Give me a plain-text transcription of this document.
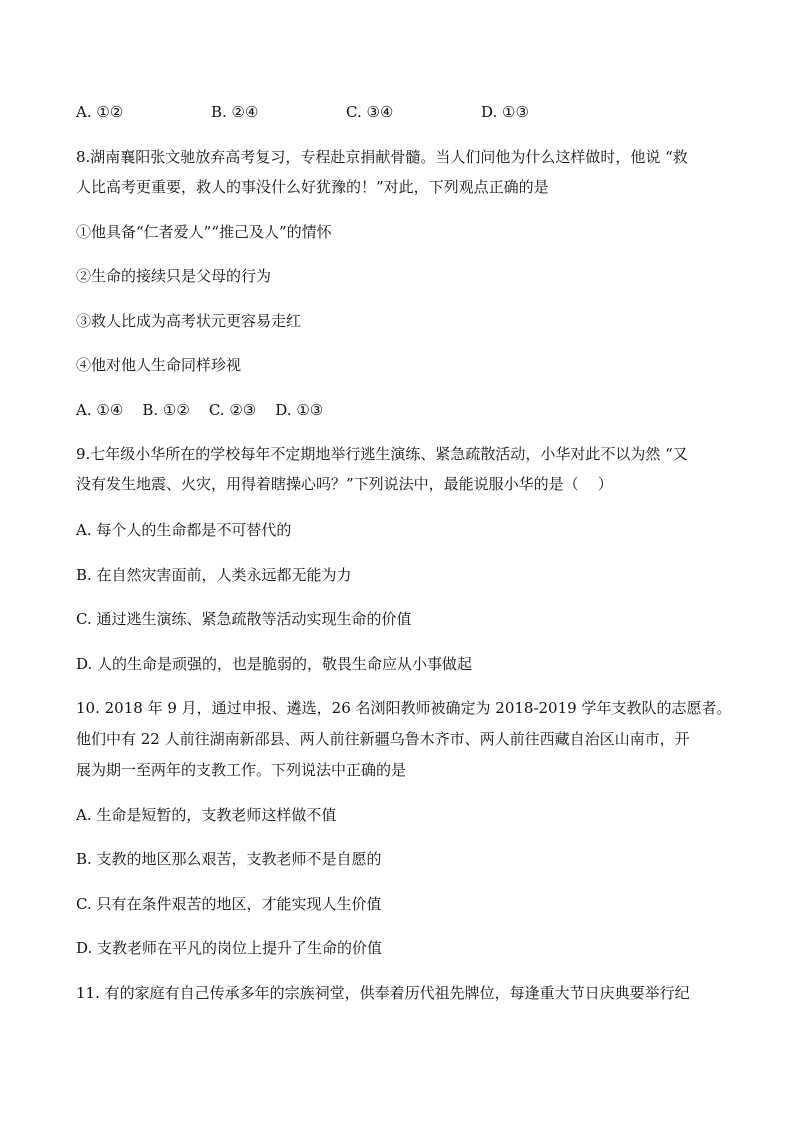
A. ①②	B. ②④	C. ③④	D. ①③
8.湖南襄阳张文驰放弃高考复习，专程赴京捐献骨髓。当人们问他为什么这样做时，他说 “救
人比高考更重要，救人的事没什么好犹豫的！”对此，下列观点正确的是
①他具备“仁者爱人”“推己及人”的情怀
②生命的接续只是父母的行为
③救人比成为高考状元更容易走红
④他对他人生命同样珍视
A. ①④    B. ①②    C. ②③    D. ①③
9.七年级小华所在的学校每年不定期地举行逃生演练、紧急疏散活动，小华对此不以为然 “又
没有发生地震、火灾，用得着瞎操心吗？”下列说法中，最能说服小华的是（    ）
A. 每个人的生命都是不可替代的
B. 在自然灾害面前，人类永远都无能为力
C. 通过逃生演练、紧急疏散等活动实现生命的价值
D. 人的生命是顽强的，也是脆弱的，敬畏生命应从小事做起
10. 2018 年 9 月，通过申报、遴选，26 名浏阳教师被确定为 2018-2019 学年支教队的志愿者。
他们中有 22 人前往湖南新邵县、两人前往新疆乌鲁木齐市、两人前往西藏自治区山南市，开
展为期一至两年的支教工作。下列说法中正确的是
A. 生命是短暂的，支教老师这样做不值
B. 支教的地区那么艰苦，支教老师不是自愿的
C. 只有在条件艰苦的地区，才能实现人生价值
D. 支教老师在平凡的岗位上提升了生命的价值
11. 有的家庭有自己传承多年的宗族祠堂，供奉着历代祖先牌位，每逢重大节日庆典要举行纪
